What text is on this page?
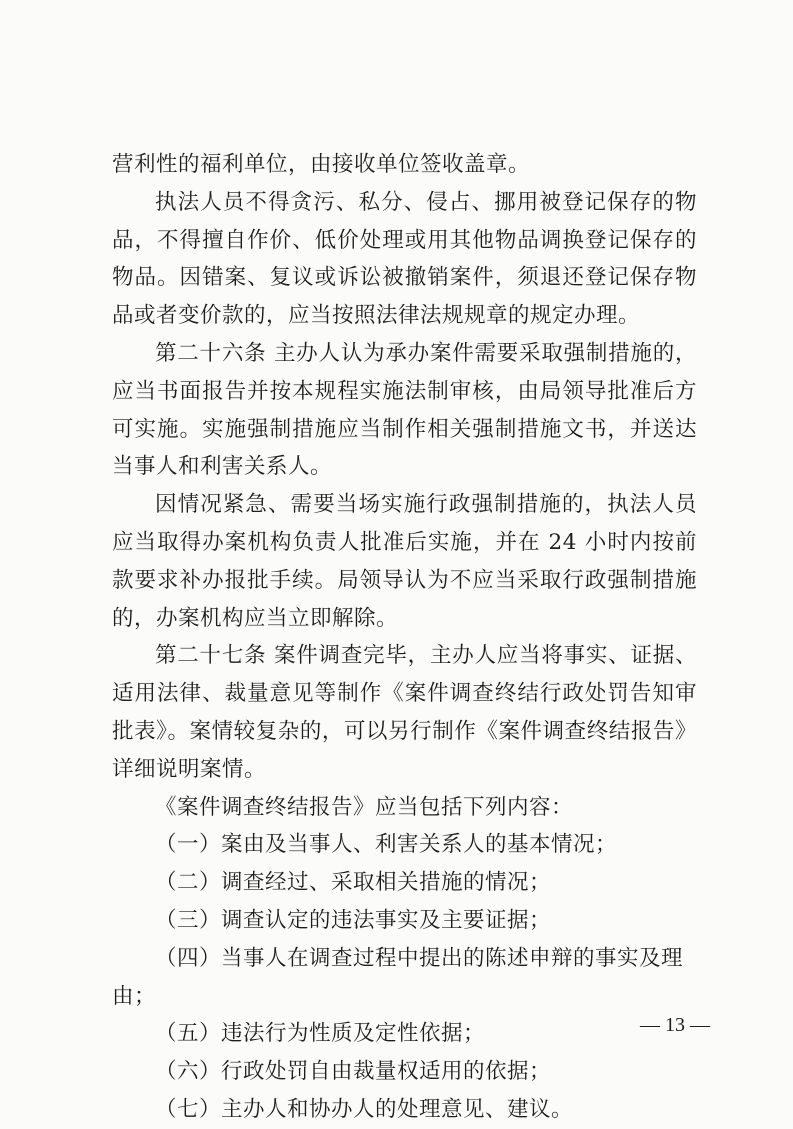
营利性的福利单位，由接收单位签收盖章。

执法人员不得贪污、私分、侵占、挪用被登记保存的物品，不得擅自作价、低价处理或用其他物品调换登记保存的物品。因错案、复议或诉讼被撤销案件，须退还登记保存物品或者变价款的，应当按照法律法规规章的规定办理。

第二十六条 主办人认为承办案件需要采取强制措施的，应当书面报告并按本规程实施法制审核，由局领导批准后方可实施。实施强制措施应当制作相关强制措施文书，并送达当事人和利害关系人。

因情况紧急、需要当场实施行政强制措施的，执法人员应当取得办案机构负责人批准后实施，并在 24 小时内按前款要求补办报批手续。局领导认为不应当采取行政强制措施的，办案机构应当立即解除。

第二十七条 案件调查完毕，主办人应当将事实、证据、适用法律、裁量意见等制作《案件调查终结行政处罚告知审批表》。案情较复杂的，可以另行制作《案件调查终结报告》详细说明案情。

《案件调查终结报告》应当包括下列内容：

（一）案由及当事人、利害关系人的基本情况；

（二）调查经过、采取相关措施的情况；

（三）调查认定的违法事实及主要证据；

（四）当事人在调查过程中提出的陈述申辩的事实及理由；

（五）违法行为性质及定性依据；

（六）行政处罚自由裁量权适用的依据；

（七）主办人和协办人的处理意见、建议。

— 13 —
